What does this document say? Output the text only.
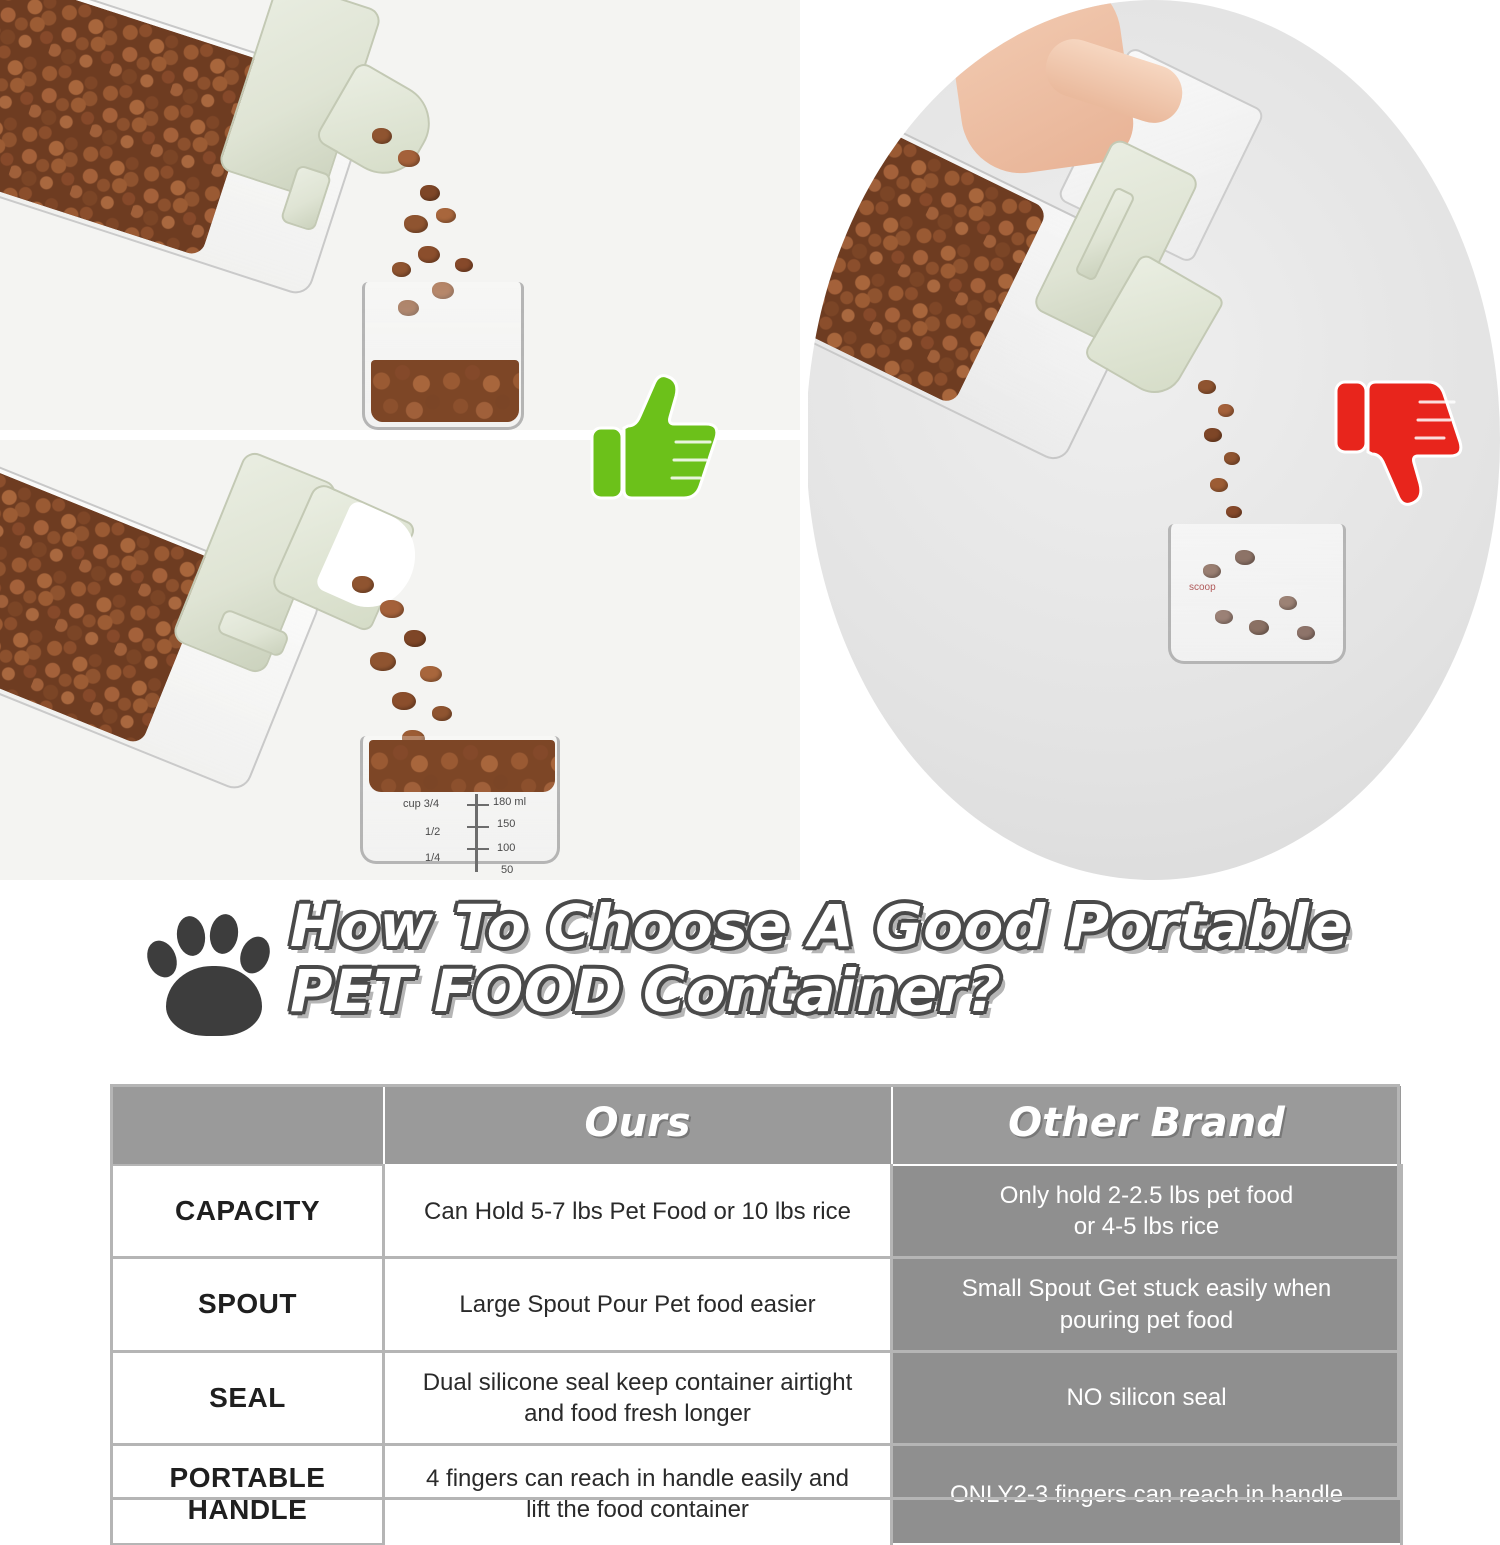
cup 3/4
1/2
1/4
180 ml
150
100
50
scoop
How To Choose A Good Portable PET FOOD Container?
	Ours	Other Brand
CAPACITY	Can Hold 5-7 lbs Pet Food or 10 lbs rice	Only hold 2-2.5 lbs pet food
or 4-5 lbs rice
SPOUT	Large Spout Pour Pet food easier	Small Spout Get stuck easily when
pouring pet food
SEAL	Dual silicone seal keep container airtight
and food fresh longer	NO silicon seal
PORTABLE
HANDLE	4 fingers can reach in handle easily and
lift the food container	ONLY2-3 fingers can reach in handle
